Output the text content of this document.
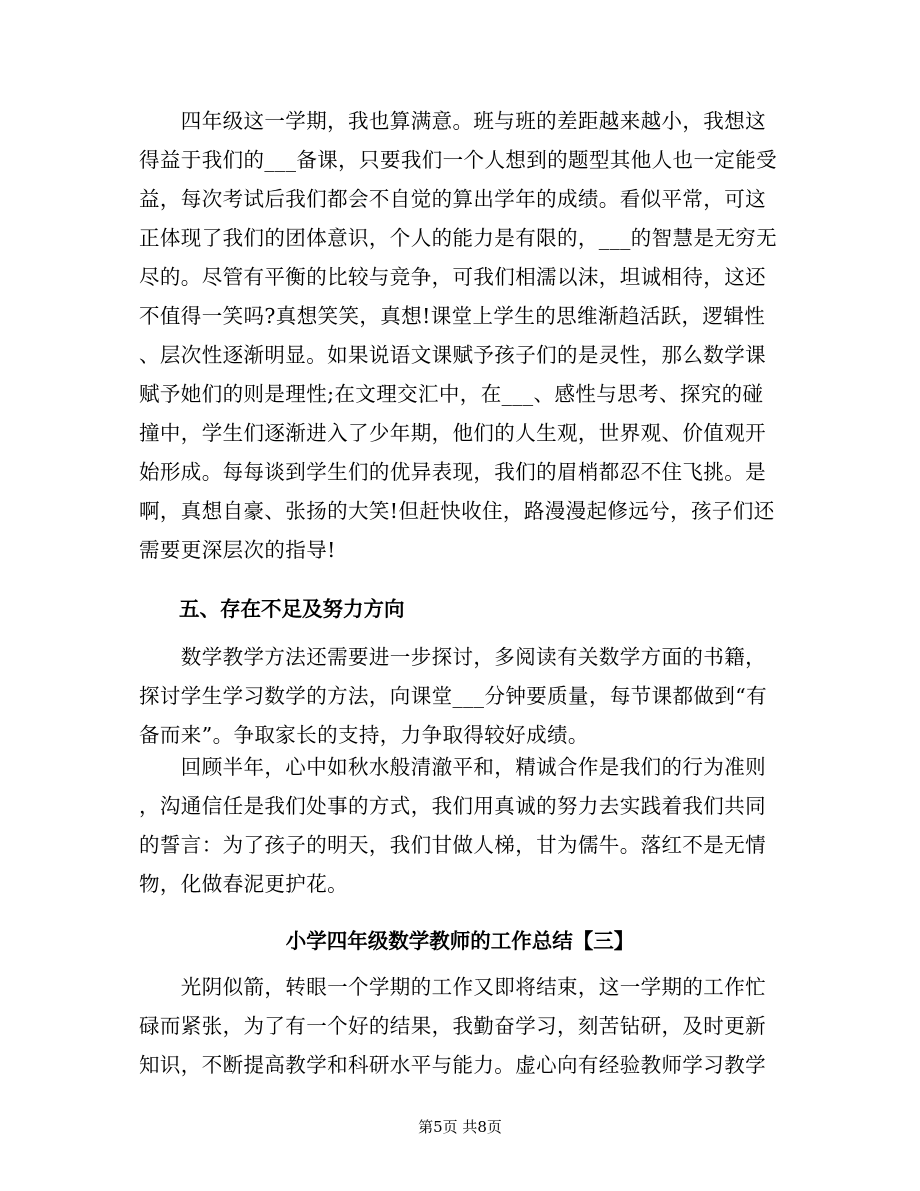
　　四年级这一学期，我也算满意。班与班的差距越来越小，我想这
得益于我们的___备课，只要我们一个人想到的题型其他人也一定能受
益，每次考试后我们都会不自觉的算出学年的成绩。看似平常，可这
正体现了我们的团体意识，个人的能力是有限的，___的智慧是无穷无
尽的。尽管有平衡的比较与竞争，可我们相濡以沫，坦诚相待，这还
不值得一笑吗?真想笑笑，真想!课堂上学生的思维渐趋活跃，逻辑性
、层次性逐渐明显。如果说语文课赋予孩子们的是灵性，那么数学课
赋予她们的则是理性;在文理交汇中，在___、感性与思考、探究的碰
撞中，学生们逐渐进入了少年期，他们的人生观，世界观、价值观开
始形成。每每谈到学生们的优异表现，我们的眉梢都忍不住飞挑。是
啊，真想自豪、张扬的大笑!但赶快收住，路漫漫起修远兮，孩子们还
需要更深层次的指导!
五、存在不足及努力方向
　　数学教学方法还需要进一步探讨，多阅读有关数学方面的书籍，
探讨学生学习数学的方法，向课堂___分钟要质量，每节课都做到“有
备而来”。争取家长的支持，力争取得较好成绩。
　　回顾半年，心中如秋水般清澈平和，精诚合作是我们的行为准则
，沟通信任是我们处事的方式，我们用真诚的努力去实践着我们共同
的誓言：为了孩子的明天，我们甘做人梯，甘为儒牛。落红不是无情
物，化做春泥更护花。
小学四年级数学教师的工作总结【三】
　　光阴似箭，转眼一个学期的工作又即将结束，这一学期的工作忙
碌而紧张，为了有一个好的结果，我勤奋学习，刻苦钻研，及时更新
知识，不断提高教学和科研水平与能力。虚心向有经验教师学习教学
第5页 共8页
